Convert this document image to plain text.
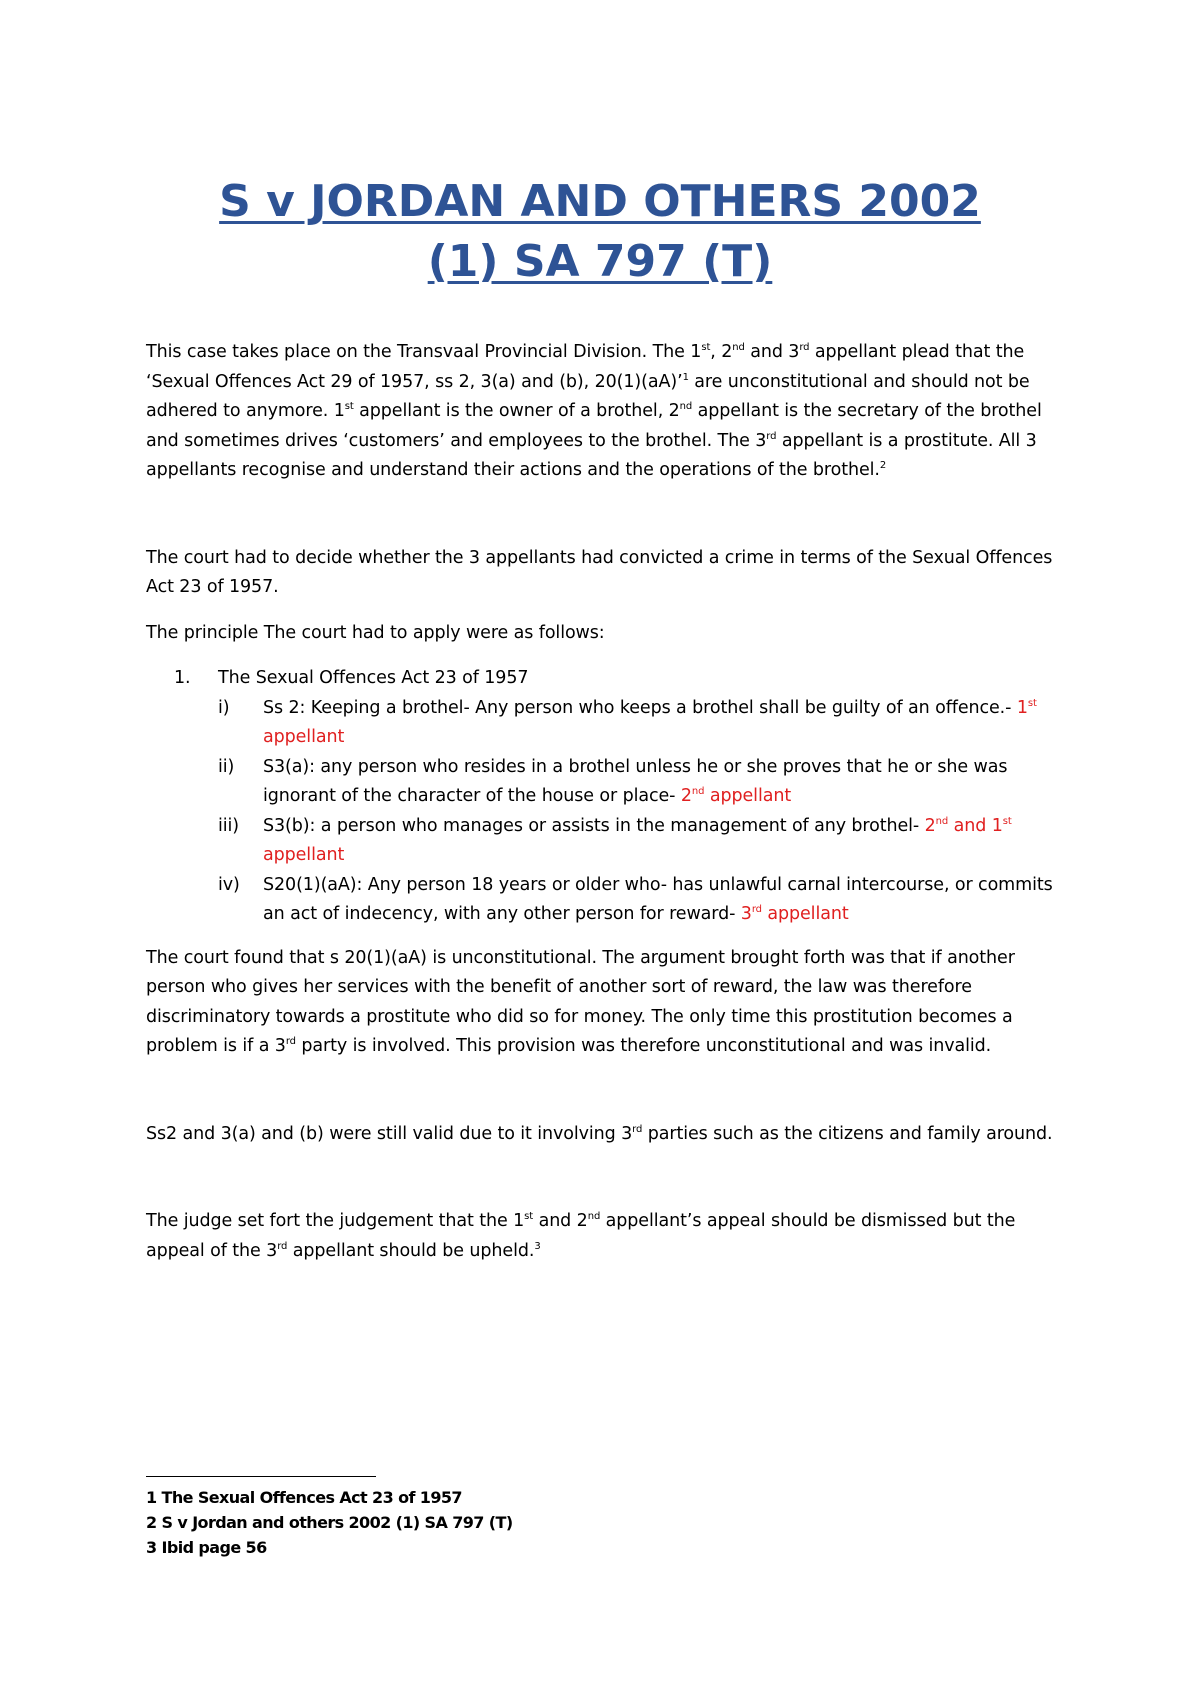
S v JORDAN AND OTHERS 2002
(1) SA 797 (T)

This case takes place on the Transvaal Provincial Division. The 1st, 2nd and 3rd appellant plead that the ‘Sexual Offences Act 29 of 1957, ss 2, 3(a) and (b), 20(1)(aA)’$^1$ are unconstitutional and should not be adhered to anymore. 1st appellant is the owner of a brothel, 2nd appellant is the secretary of the brothel and sometimes drives ‘customers’ and employees to the brothel. The 3rd appellant is a prostitute. All 3 appellants recognise and understand their actions and the operations of the brothel.$^2$

The court had to decide whether the 3 appellants had convicted a crime in terms of the Sexual Offences Act 23 of 1957.

The principle The court had to apply were as follows:

1. The Sexual Offences Act 23 of 1957
i) Ss 2: Keeping a brothel- Any person who keeps a brothel shall be guilty of an offence.- 1st appellant
ii) S3(a): any person who resides in a brothel unless he or she proves that he or she was ignorant of the character of the house or place- 2nd appellant
iii) S3(b): a person who manages or assists in the management of any brothel- 2nd and 1st appellant
iv) S20(1)(aA): Any person 18 years or older who- has unlawful carnal intercourse, or commits an act of indecency, with any other person for reward- 3rd appellant

The court found that s 20(1)(aA) is unconstitutional. The argument brought forth was that if another person who gives her services with the benefit of another sort of reward, the law was therefore discriminatory towards a prostitute who did so for money. The only time this prostitution becomes a problem is if a 3rd party is involved. This provision was therefore unconstitutional and was invalid.

Ss2 and 3(a) and (b) were still valid due to it involving 3rd parties such as the citizens and family around.

The judge set fort the judgement that the 1st and 2nd appellant’s appeal should be dismissed but the appeal of the 3rd appellant should be upheld.$^3$

1 The Sexual Offences Act 23 of 1957
2 S v Jordan and others 2002 (1) SA 797 (T)
3 Ibid page 56
